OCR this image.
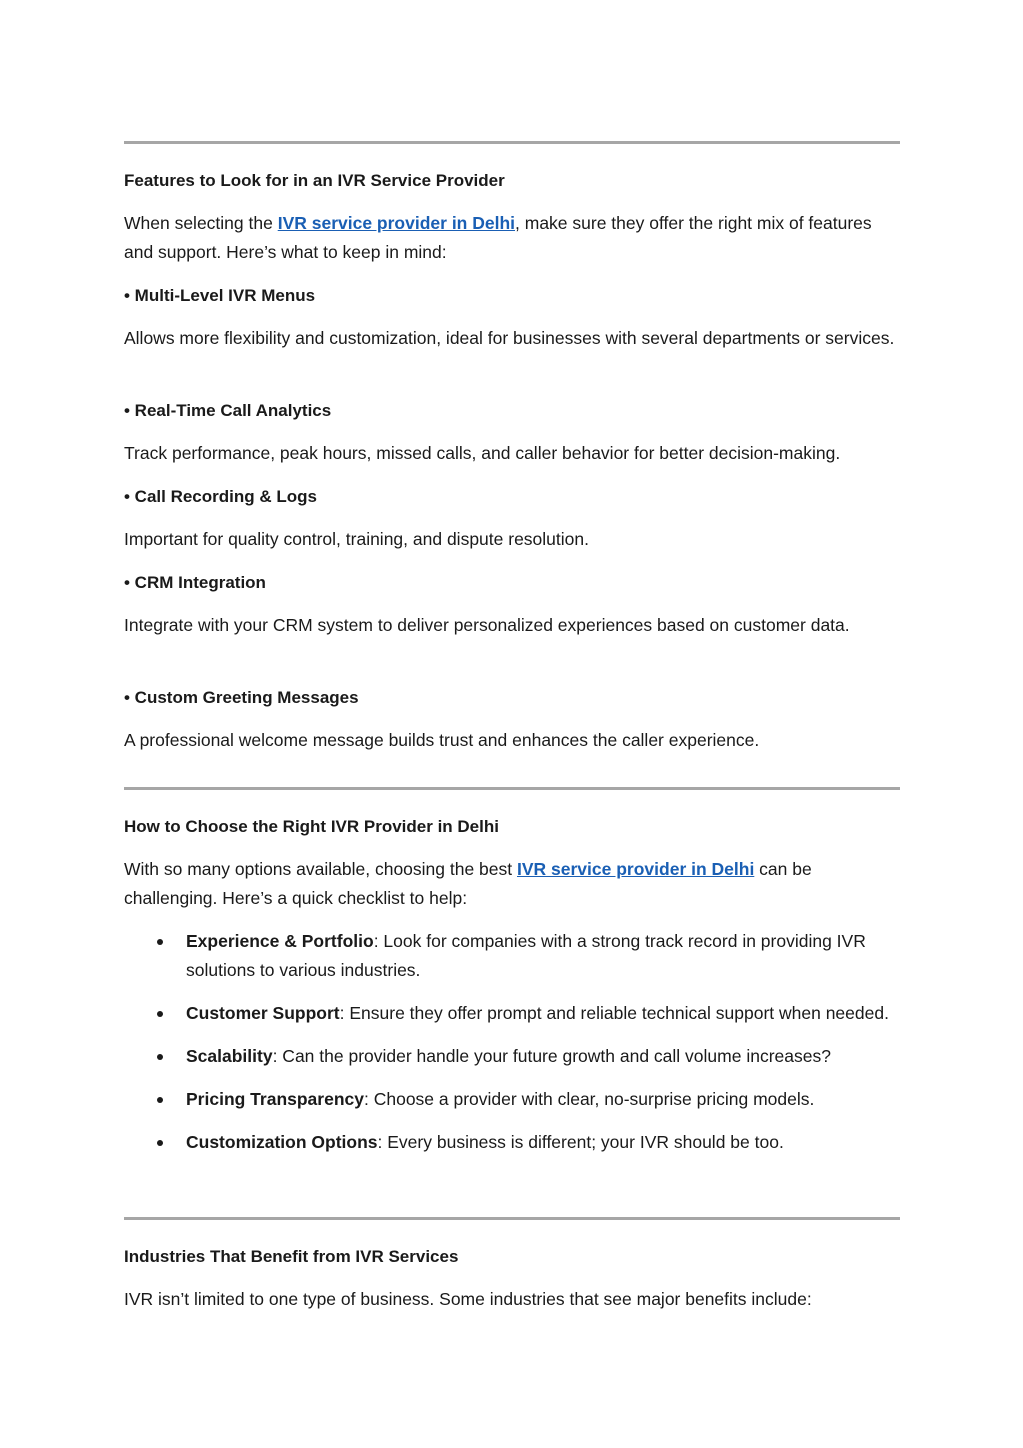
Features to Look for in an IVR Service Provider

When selecting the IVR service provider in Delhi, make sure they offer the right mix of features and support. Here’s what to keep in mind:

• Multi-Level IVR Menus

Allows more flexibility and customization, ideal for businesses with several departments or services.

• Real-Time Call Analytics

Track performance, peak hours, missed calls, and caller behavior for better decision-making.

• Call Recording & Logs

Important for quality control, training, and dispute resolution.

• CRM Integration

Integrate with your CRM system to deliver personalized experiences based on customer data.

• Custom Greeting Messages

A professional welcome message builds trust and enhances the caller experience.

How to Choose the Right IVR Provider in Delhi

With so many options available, choosing the best IVR service provider in Delhi can be challenging. Here’s a quick checklist to help:

Experience & Portfolio: Look for companies with a strong track record in providing IVR solutions to various industries.
Customer Support: Ensure they offer prompt and reliable technical support when needed.
Scalability: Can the provider handle your future growth and call volume increases?
Pricing Transparency: Choose a provider with clear, no-surprise pricing models.
Customization Options: Every business is different; your IVR should be too.

Industries That Benefit from IVR Services

IVR isn’t limited to one type of business. Some industries that see major benefits include:
